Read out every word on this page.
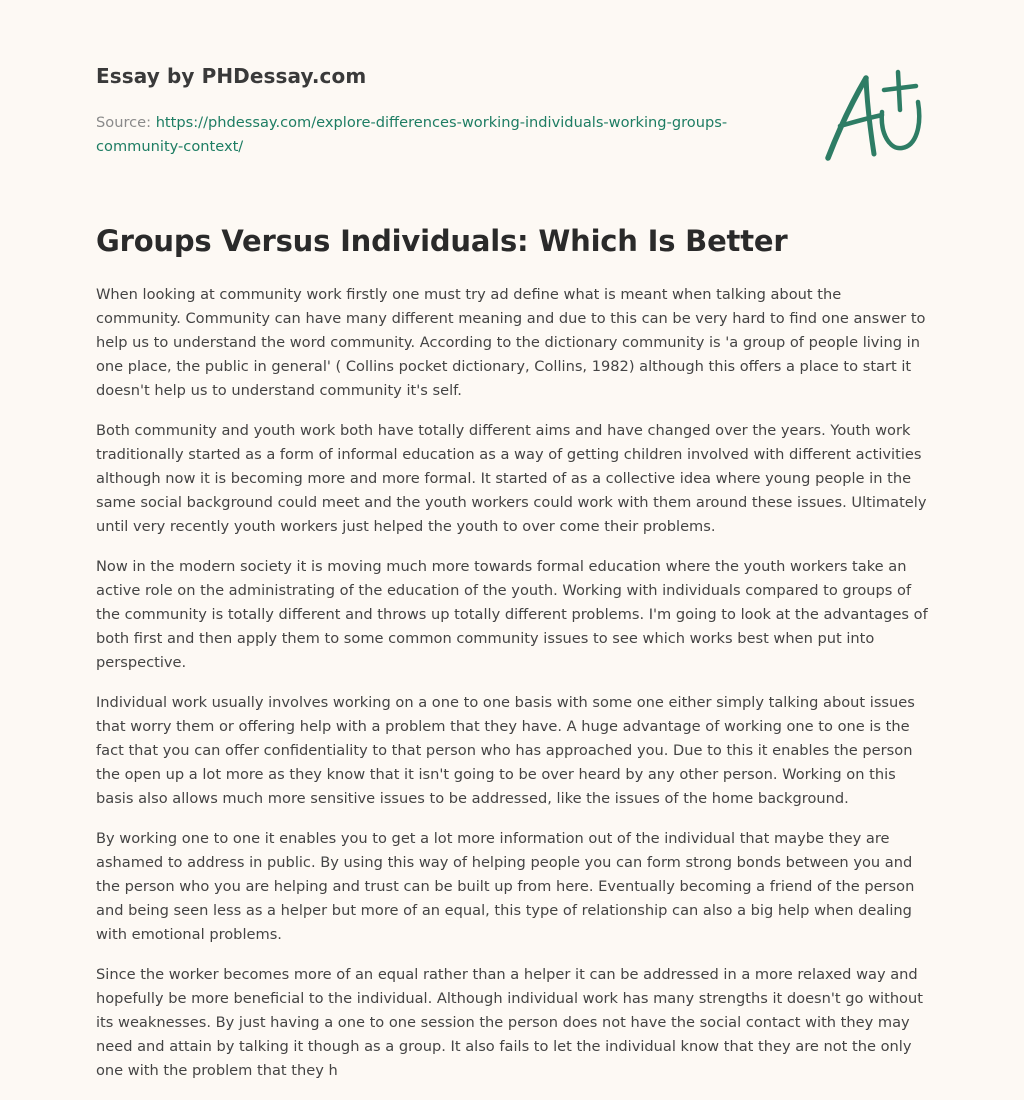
Essay by PHDessay.com
Source: https://phdessay.com/explore-differences-working-individuals-working-groups-community-context/
Groups Versus Individuals: Which Is Better

When looking at community work firstly one must try ad define what is meant when talking about the community. Community can have many different meaning and due to this can be very hard to find one answer to help us to understand the word community. According to the dictionary community is 'a group of people living in one place, the public in general' ( Collins pocket dictionary, Collins, 1982) although this offers a place to start it doesn't help us to understand community it's self.

Both community and youth work both have totally different aims and have changed over the years. Youth work traditionally started as a form of informal education as a way of getting children involved with different activities although now it is becoming more and more formal. It started of as a collective idea where young people in the same social background could meet and the youth workers could work with them around these issues. Ultimately until very recently youth workers just helped the youth to over come their problems.

Now in the modern society it is moving much more towards formal education where the youth workers take an active role on the administrating of the education of the youth. Working with individuals compared to groups of the community is totally different and throws up totally different problems. I'm going to look at the advantages of both first and then apply them to some common community issues to see which works best when put into perspective.

Individual work usually involves working on a one to one basis with some one either simply talking about issues that worry them or offering help with a problem that they have. A huge advantage of working one to one is the fact that you can offer confidentiality to that person who has approached you. Due to this it enables the person the open up a lot more as they know that it isn't going to be over heard by any other person. Working on this basis also allows much more sensitive issues to be addressed, like the issues of the home background.

By working one to one it enables you to get a lot more information out of the individual that maybe they are ashamed to address in public. By using this way of helping people you can form strong bonds between you and the person who you are helping and trust can be built up from here. Eventually becoming a friend of the person and being seen less as a helper but more of an equal, this type of relationship can also a big help when dealing with emotional problems.

Since the worker becomes more of an equal rather than a helper it can be addressed in a more relaxed way and hopefully be more beneficial to the individual. Although individual work has many strengths it doesn't go without its weaknesses. By just having a one to one session the person does not have the social contact with they may need and attain by talking it though as a group. It also fails to let the individual know that they are not the only one with the problem that they h
